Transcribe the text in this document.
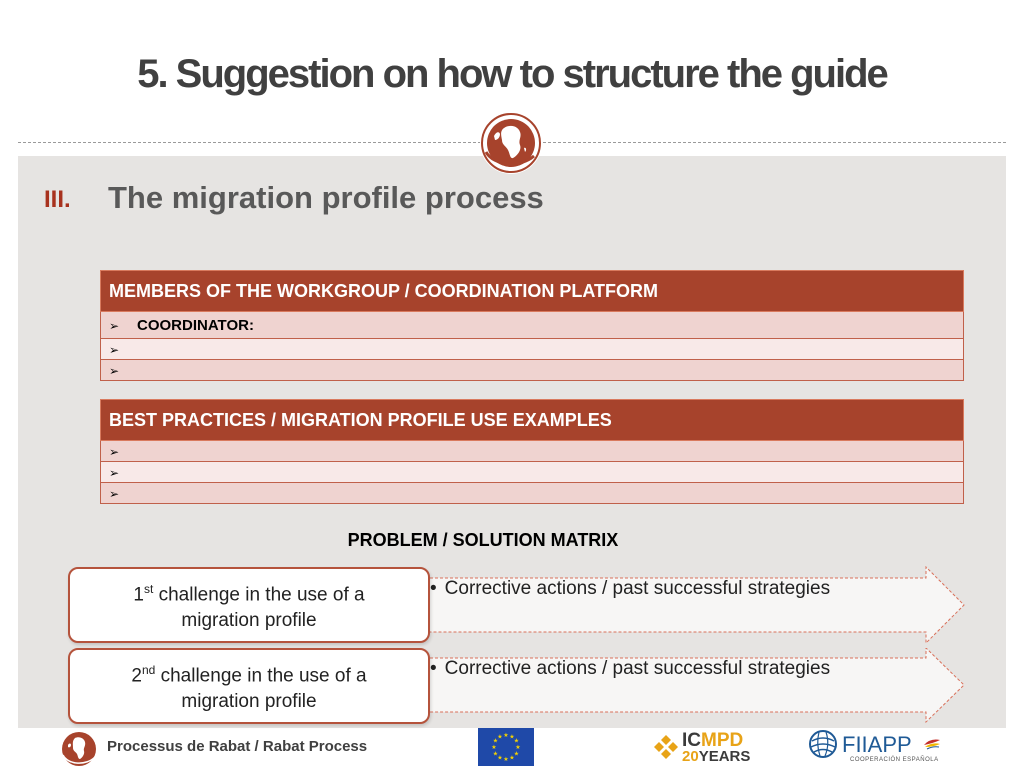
5. Suggestion on how to structure the guide
III. The migration profile process
MEMBERS OF THE WORKGROUP / COORDINATION PLATFORM
➢ COORDINATOR:
➢
➢
BEST PRACTICES / MIGRATION PROFILE USE EXAMPLES
➢
➢
➢
PROBLEM / SOLUTION MATRIX
• Corrective actions / past successful strategies
1st challenge in the use of a
migration profile
• Corrective actions / past successful strategies
2nd challenge in the use of a
migration profile
Processus de Rabat / Rabat Process
★ ★
★
★
★
★
★
★
★
★
★
★	ICMPD
20YEARS	FIIAPP
COOPERACIÓN ESPAÑOLA
